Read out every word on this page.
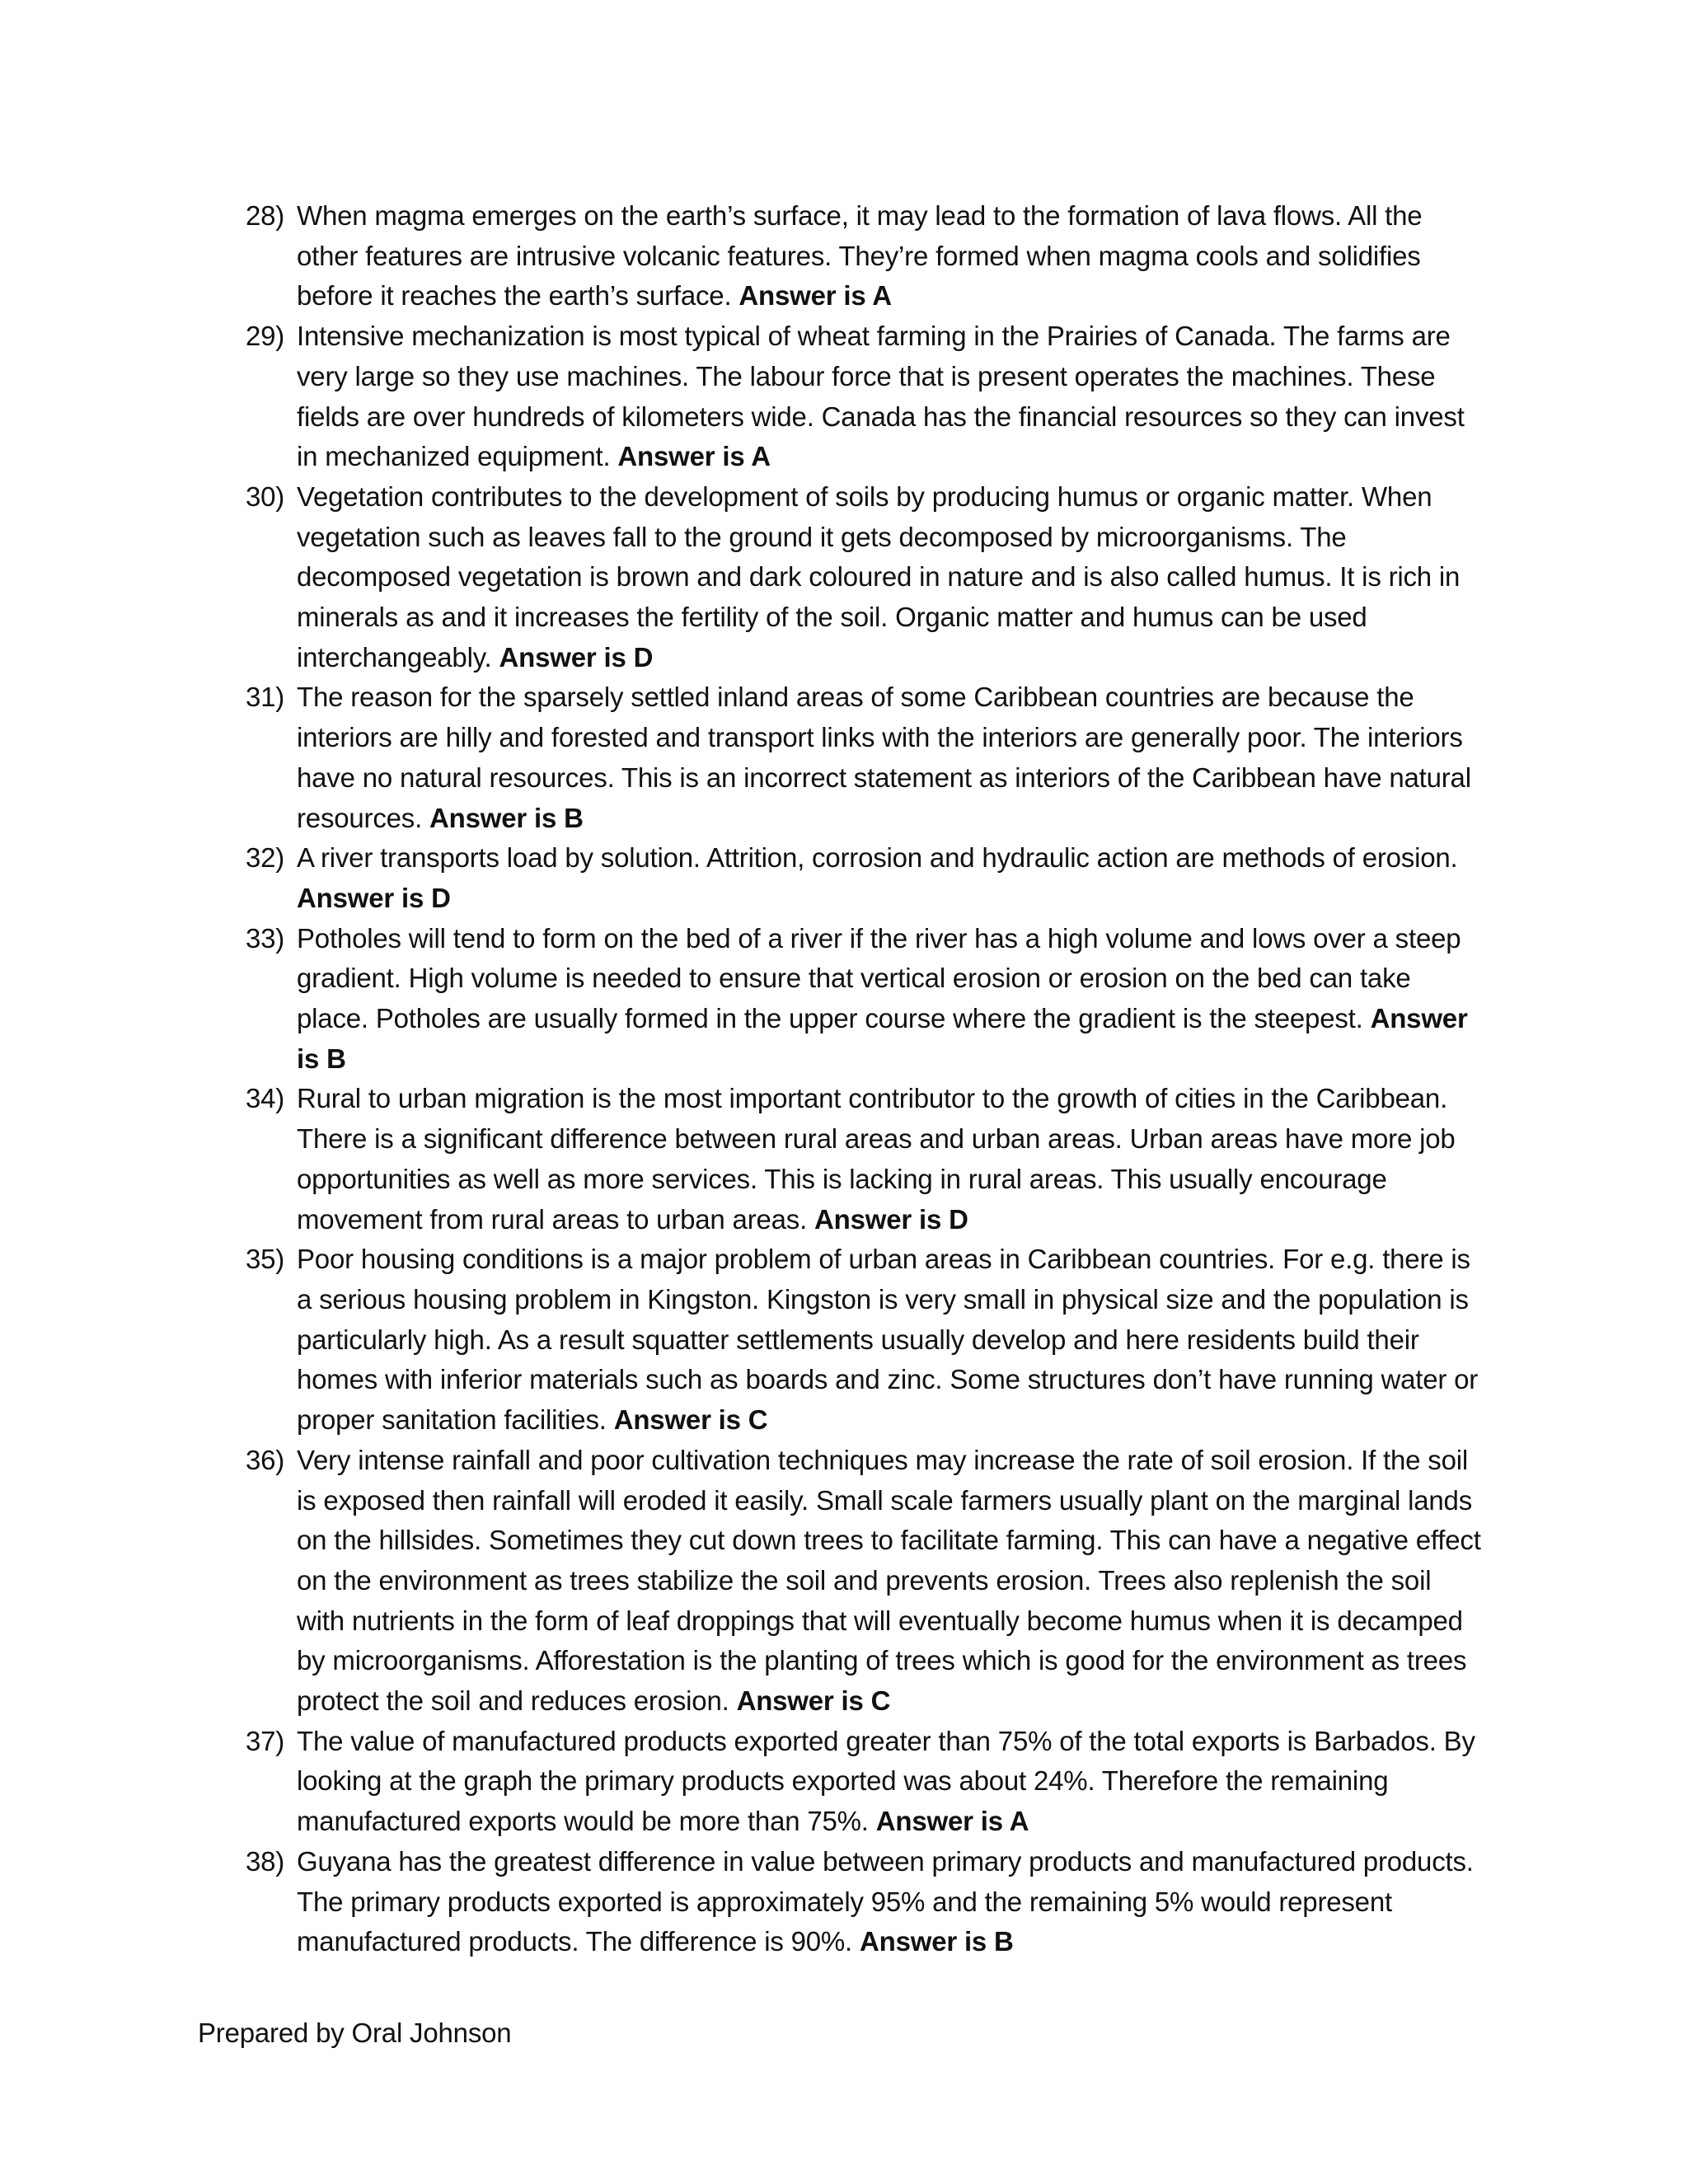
28) When magma emerges on the earth’s surface, it may lead to the formation of lava flows. All the other features are intrusive volcanic features. They’re formed when magma cools and solidifies before it reaches the earth’s surface. Answer is A
29) Intensive mechanization is most typical of wheat farming in the Prairies of Canada. The farms are very large so they use machines. The labour force that is present operates the machines. These fields are over hundreds of kilometers wide. Canada has the financial resources so they can invest in mechanized equipment. Answer is A
30) Vegetation contributes to the development of soils by producing humus or organic matter. When vegetation such as leaves fall to the ground it gets decomposed by microorganisms. The decomposed vegetation is brown and dark coloured in nature and is also called humus. It is rich in minerals as and it increases the fertility of the soil. Organic matter and humus can be used interchangeably. Answer is D
31) The reason for the sparsely settled inland areas of some Caribbean countries are because the interiors are hilly and forested and transport links with the interiors are generally poor. The interiors have no natural resources. This is an incorrect statement as interiors of the Caribbean have natural resources. Answer is B
32) A river transports load by solution. Attrition, corrosion and hydraulic action are methods of erosion. Answer is D
33) Potholes will tend to form on the bed of a river if the river has a high volume and lows over a steep gradient. High volume is needed to ensure that vertical erosion or erosion on the bed can take place. Potholes are usually formed in the upper course where the gradient is the steepest. Answer is B
34) Rural to urban migration is the most important contributor to the growth of cities in the Caribbean. There is a significant difference between rural areas and urban areas. Urban areas have more job opportunities as well as more services. This is lacking in rural areas. This usually encourage movement from rural areas to urban areas. Answer is D
35) Poor housing conditions is a major problem of urban areas in Caribbean countries. For e.g. there is a serious housing problem in Kingston. Kingston is very small in physical size and the population is particularly high. As a result squatter settlements usually develop and here residents build their homes with inferior materials such as boards and zinc. Some structures don’t have running water or proper sanitation facilities. Answer is C
36) Very intense rainfall and poor cultivation techniques may increase the rate of soil erosion. If the soil is exposed then rainfall will eroded it easily. Small scale farmers usually plant on the marginal lands on the hillsides. Sometimes they cut down trees to facilitate farming. This can have a negative effect on the environment as trees stabilize the soil and prevents erosion. Trees also replenish the soil with nutrients in the form of leaf droppings that will eventually become humus when it is decamped by microorganisms. Afforestation is the planting of trees which is good for the environment as trees protect the soil and reduces erosion. Answer is C
37) The value of manufactured products exported greater than 75% of the total exports is Barbados. By looking at the graph the primary products exported was about 24%. Therefore the remaining manufactured exports would be more than 75%. Answer is A
38) Guyana has the greatest difference in value between primary products and manufactured products. The primary products exported is approximately 95% and the remaining 5% would represent manufactured products. The difference is 90%. Answer is B
Prepared by Oral Johnson
